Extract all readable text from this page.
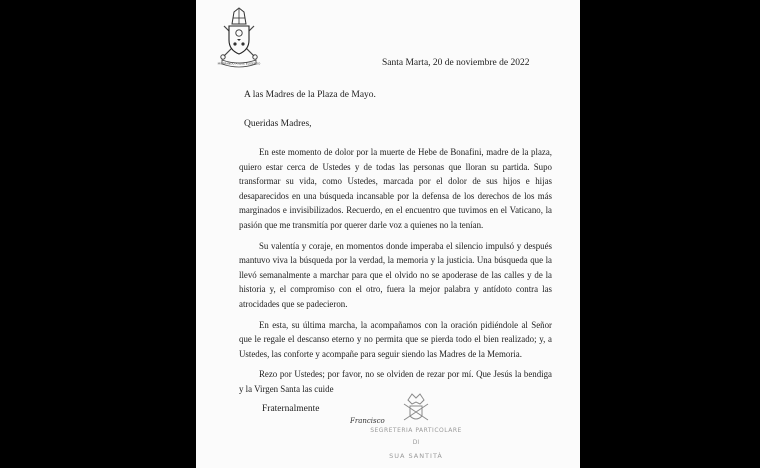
MISERANDO ATQUE ELIGENDO	Santa Marta, 20 de noviembre de 2022
A las Madres de la Plaza de Mayo.
Queridas Madres,

En este momento de dolor por la muerte de Hebe de Bonafini, madre de la plaza, quiero estar cerca de Ustedes y de todas las personas que lloran su partida. Supo transformar su vida, como Ustedes, marcada por el dolor de sus hijos e hijas desaparecidos en una búsqueda incansable por la defensa de los derechos de los más marginados e invisibilizados. Recuerdo, en el encuentro que tuvimos en el Vaticano, la pasión que me transmitía por querer darle voz a quienes no la tenían.

Su valentía y coraje, en momentos donde imperaba el silencio impulsó y después mantuvo viva la búsqueda por la verdad, la memoria y la justicia. Una búsqueda que la llevó semanalmente a marchar para que el olvido no se apoderase de las calles y de la historia y, el compromiso con el otro, fuera la mejor palabra y antídoto contra las atrocidades que se padecieron.

En esta, su última marcha, la acompañamos con la oración pidiéndole al Señor que le regale el descanso eterno y no permita que se pierda todo el bien realizado; y, a Ustedes, las conforte y acompañe para seguir siendo las Madres de la Memoria.

Rezo por Ustedes; por favor, no se olviden de rezar por mí. Que Jesús la bendiga y la Virgen Santa las cuide

Fraternalmente
SEGRETERIA PARTICOLARE
DI
SUA SANTITÀ
Francisco
